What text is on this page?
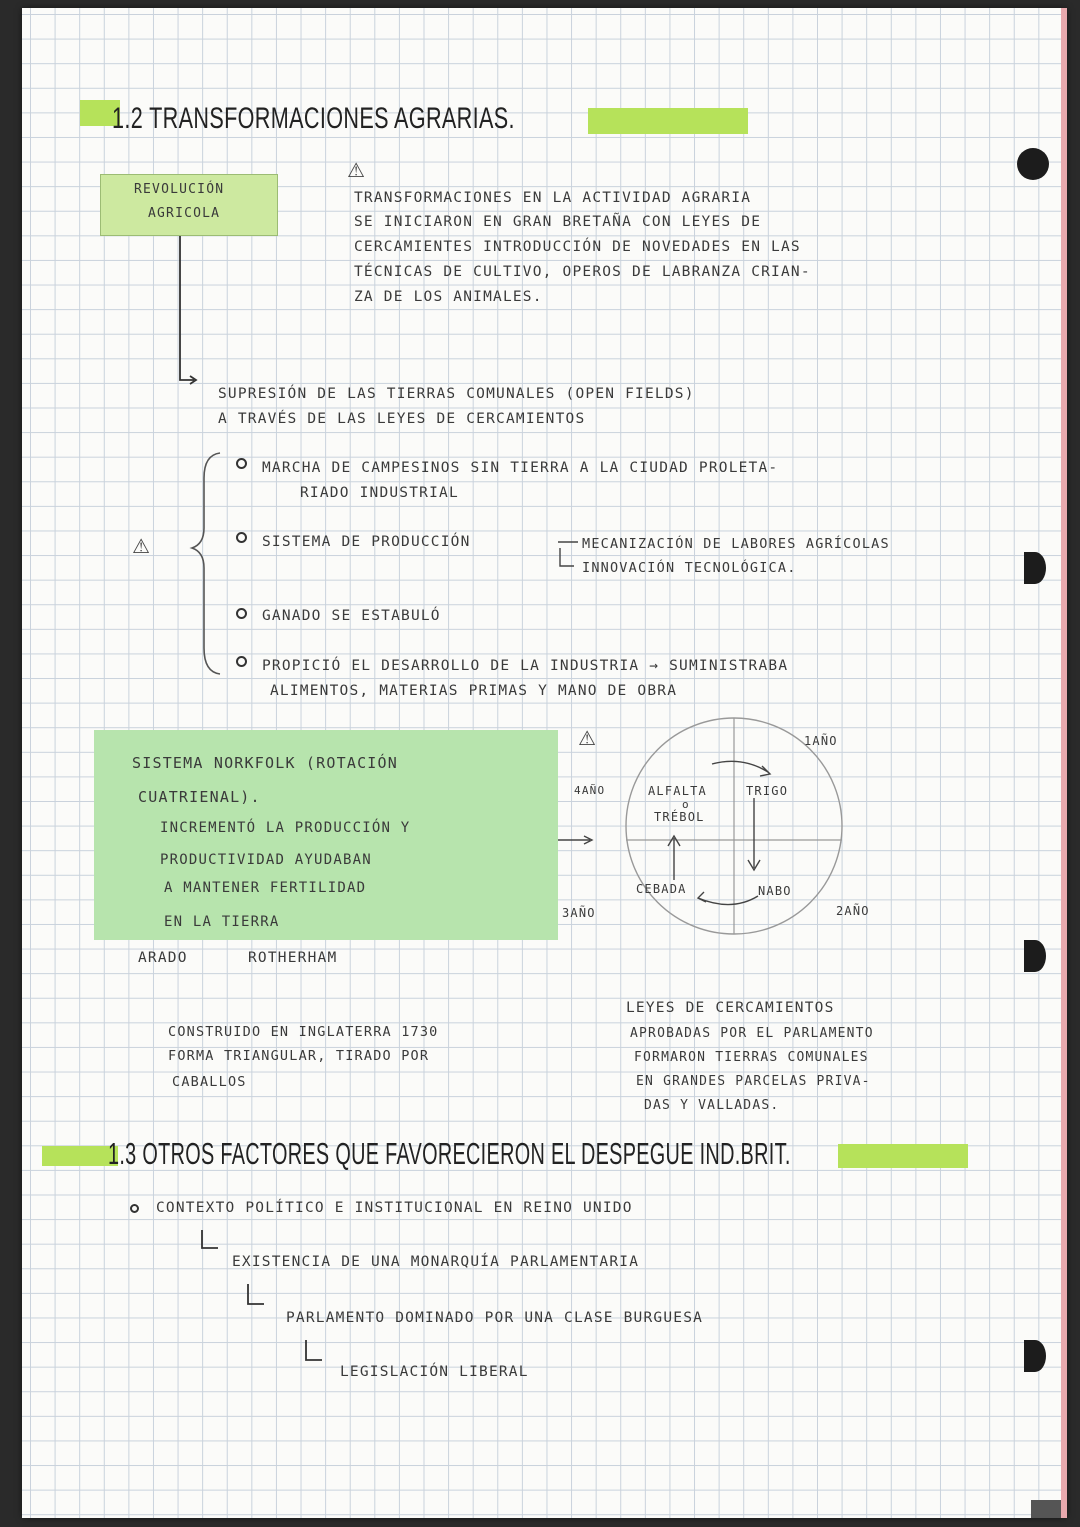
1.2 TRANSFORMACIONES AGRARIAS.
⚠
REVOLUCIÓN
AGRICOLA
TRANSFORMACIONES EN LA ACTIVIDAD AGRARIA
SE INICIARON EN GRAN BRETAÑA CON LEYES DE
CERCAMIENTES INTRODUCCIÓN DE NOVEDADES EN LAS
TÉCNICAS DE CULTIVO, OPEROS DE LABRANZA CRIAN-
ZA DE LOS ANIMALES.
SUPRESIÓN DE LAS TIERRAS COMUNALES (OPEN FIELDS)
A TRAVÉS DE LAS LEYES DE CERCAMIENTOS
⚠
MARCHA DE CAMPESINOS SIN TIERRA A LA CIUDAD PROLETA-
RIADO INDUSTRIAL
SISTEMA DE PRODUCCIÓN	MECANIZACIÓN DE LABORES AGRÍCOLAS
INNOVACIÓN TECNOLÓGICA.
GANADO SE ESTABULÓ
PROPICIÓ EL DESARROLLO DE LA INDUSTRIA → SUMINISTRABA
ALIMENTOS, MATERIAS PRIMAS Y MANO DE OBRA
SISTEMA NORKFOLK (ROTACIÓN
CUATRIENAL).
INCREMENTÓ LA PRODUCCIÓN Y
PRODUCTIVIDAD AYUDABAN
A MANTENER FERTILIDAD
EN LA TIERRA
⚠	1AÑO
4AÑO
3AÑO	2AÑO
ALFALTA
o
TRÉBOL
TRIGO
CEBADA	NABO
ARADO	ROTHERHAM
CONSTRUIDO EN INGLATERRA 1730
FORMA TRIANGULAR, TIRADO POR
CABALLOS
LEYES DE CERCAMIENTOS
APROBADAS POR EL PARLAMENTO
FORMARON TIERRAS COMUNALES
EN GRANDES PARCELAS PRIVA-
DAS Y VALLADAS.
1.3 OTROS FACTORES QUE FAVORECIERON EL DESPEGUE IND.BRIT.
CONTEXTO POLÍTICO E INSTITUCIONAL EN REINO UNIDO
EXISTENCIA DE UNA MONARQUÍA PARLAMENTARIA
PARLAMENTO DOMINADO POR UNA CLASE BURGUESA
LEGISLACIÓN LIBERAL
